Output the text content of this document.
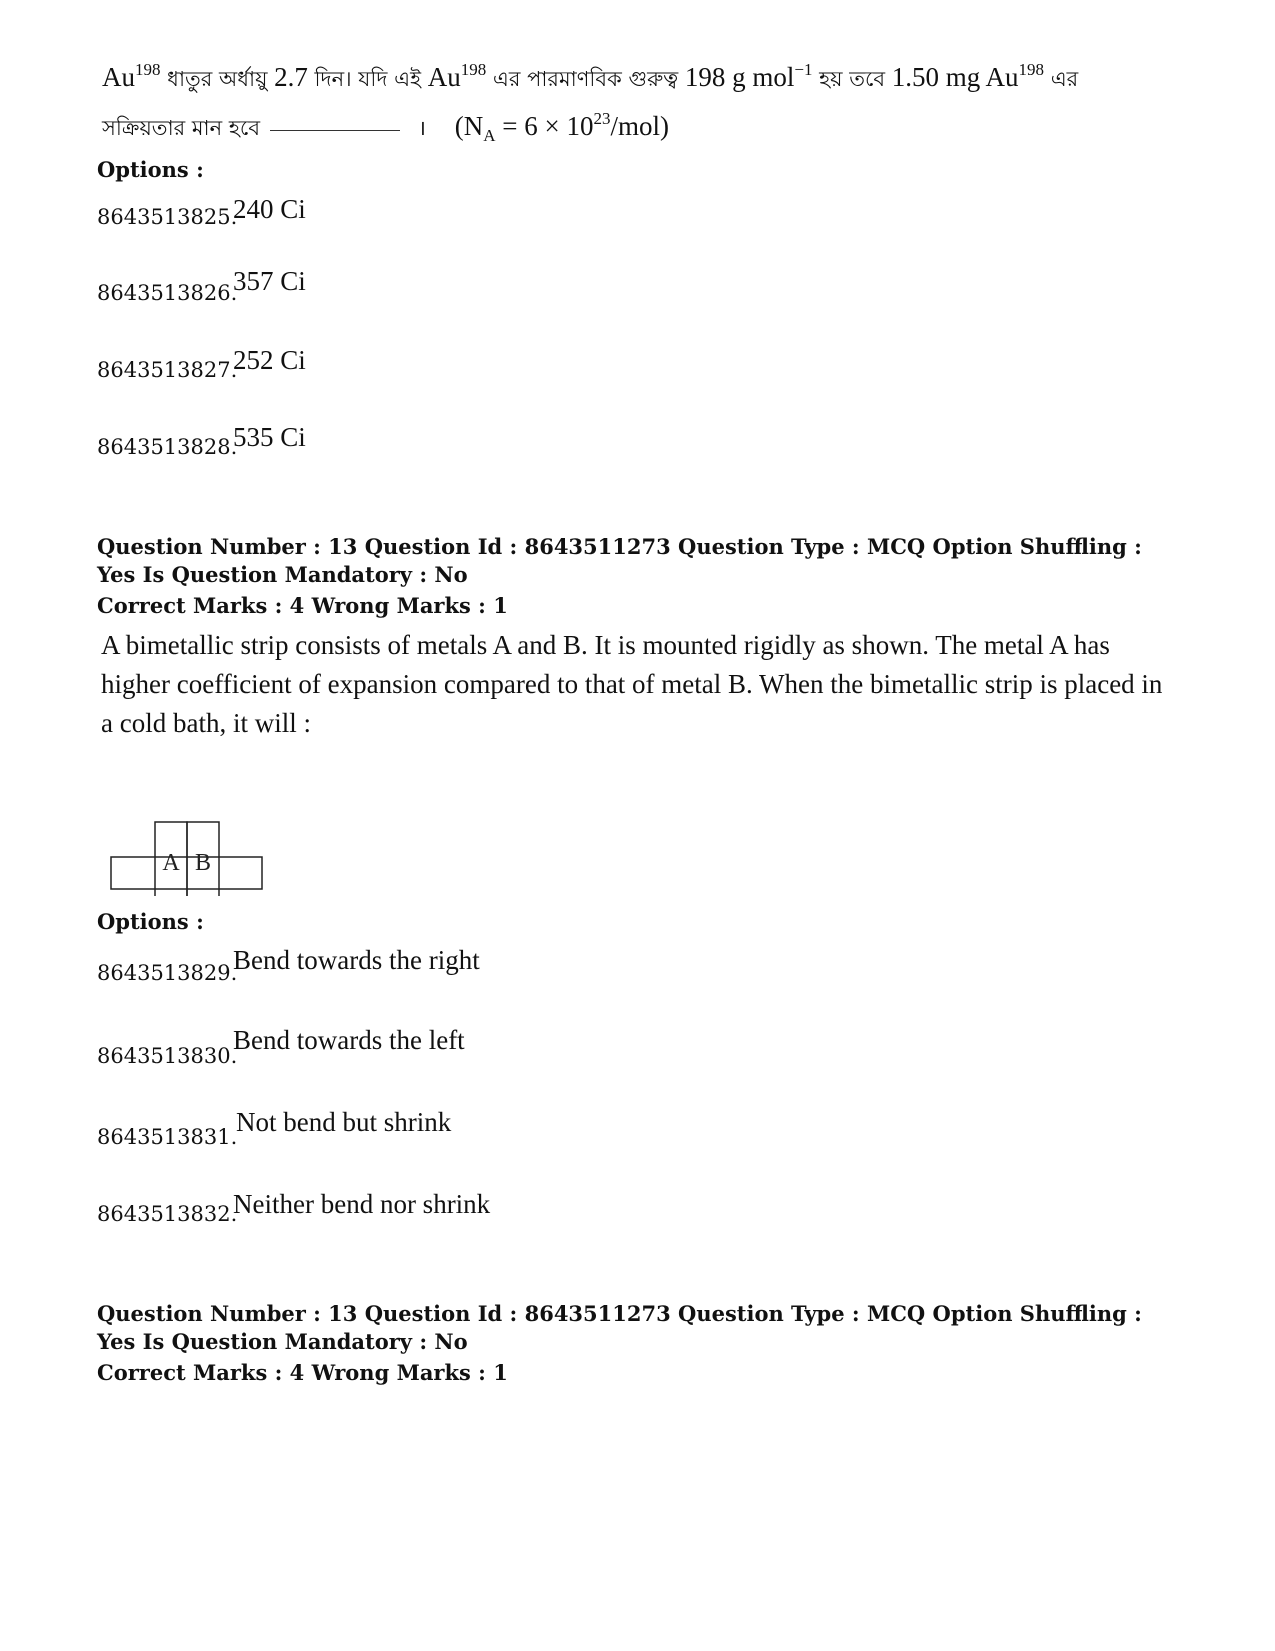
Au$^{198}$ ধাতুর অর্ধায়ু 2.7 দিন। যদি এই Au$^{198}$ এর পারমাণবিক গুরুত্ব 198 g mol$^{-1}$ হয় তবে 1.50 mg Au$^{198}$ এর
সক্রিয়তার মান হবে	। $(N_A = 6 \times 10^{23}/mol)$
Options :
8643513825.
240 Ci
8643513826.
357 Ci
8643513827.
252 Ci
8643513828.
535 Ci
Question Number : 13 Question Id : 8643511273 Question Type : MCQ Option Shuffling : Yes Is Question Mandatory : No
Correct Marks : 4 Wrong Marks : 1
A bimetallic strip consists of metals A and B. It is mounted rigidly as shown. The metal A has higher coefficient of expansion compared to that of metal B. When the bimetallic strip is placed in a cold bath, it will :
A B
Options :
8643513829.
Bend towards the right
8643513830.
Bend towards the left
8643513831.
Not bend but shrink
8643513832.
Neither bend nor shrink
Question Number : 13 Question Id : 8643511273 Question Type : MCQ Option Shuffling : Yes Is Question Mandatory : No
Correct Marks : 4 Wrong Marks : 1
